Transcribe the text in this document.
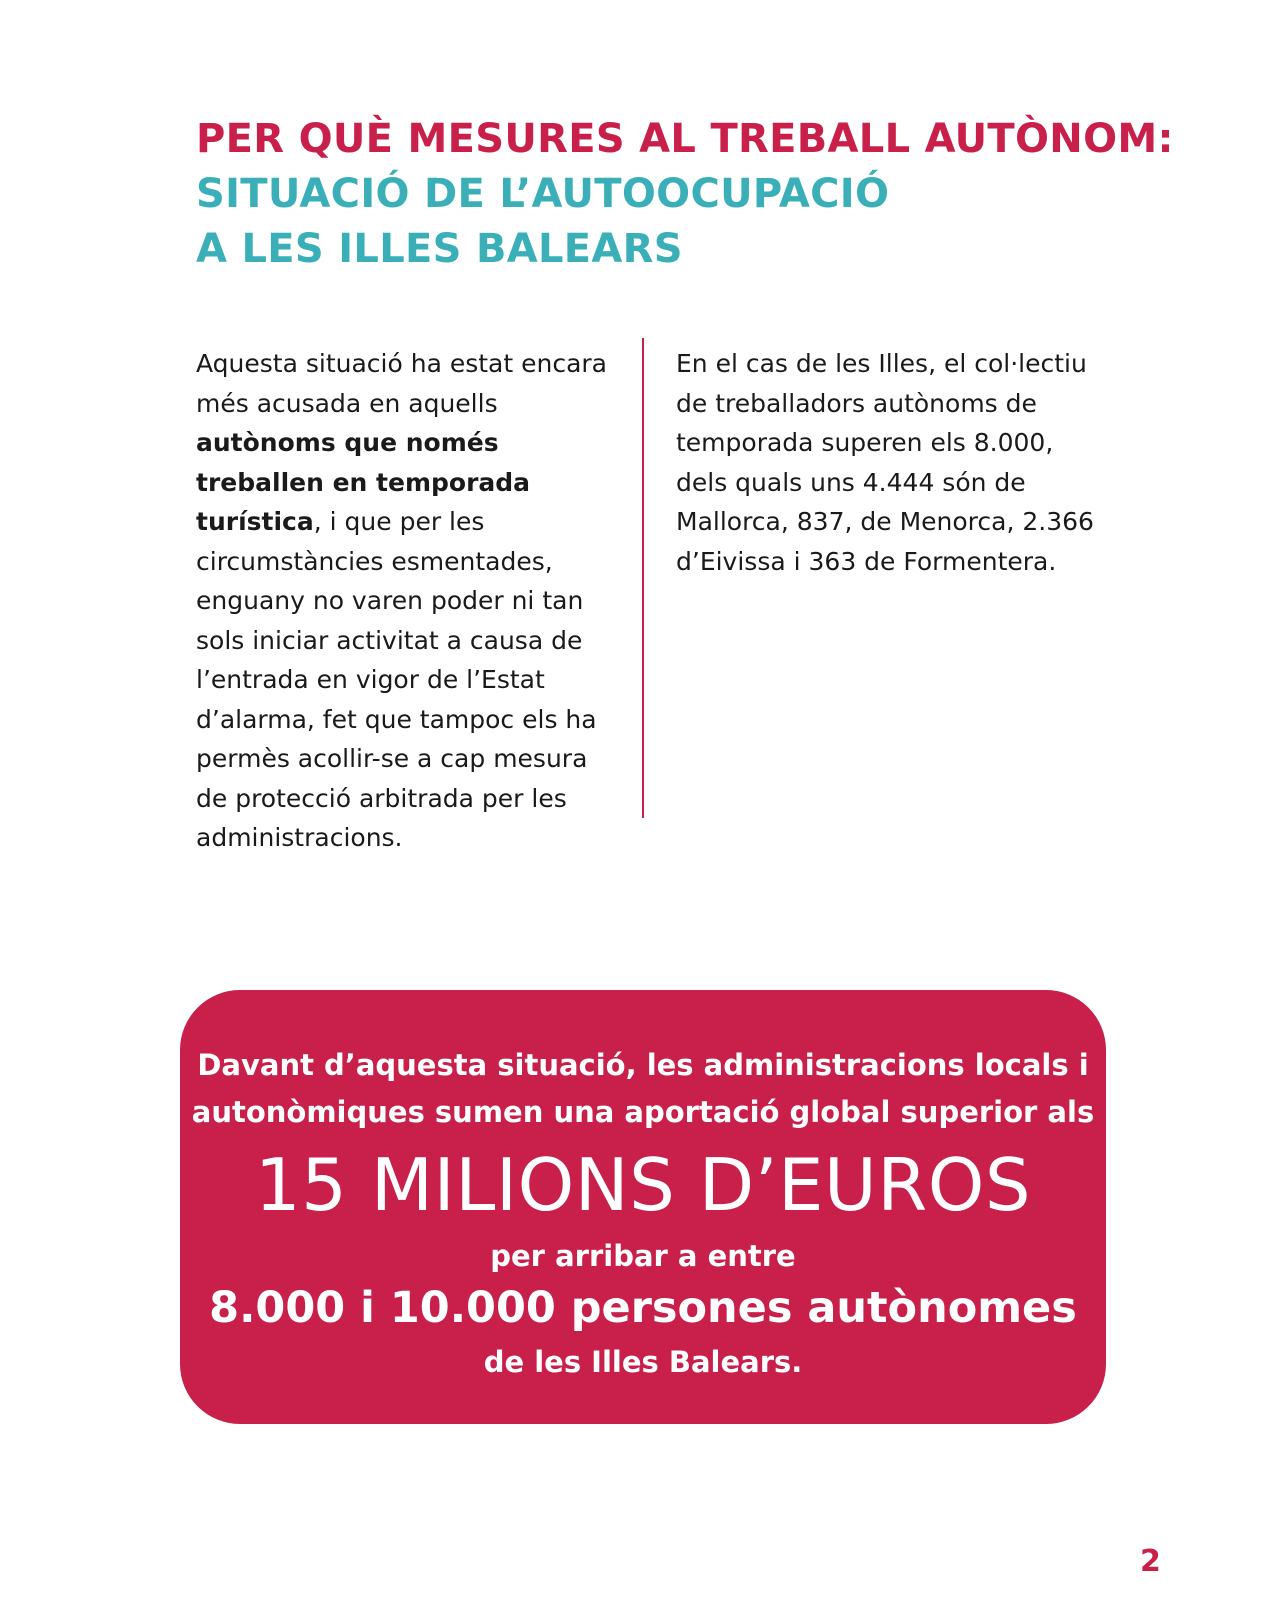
PER QUÈ MESURES AL TREBALL AUTÒNOM:
SITUACIÓ DE L’AUTOOCUPACIÓ
A LES ILLES BALEARS
Aquesta situació ha estat encara més acusada en aquells autònoms que només treballen en temporada turística, i que per les circumstàncies esmentades, enguany no varen poder ni tan sols iniciar activitat a causa de l’entrada en vigor de l’Estat d’alarma, fet que tampoc els ha permès acollir-se a cap mesura de protecció arbitrada per les administracions.
En el cas de les Illes, el col·lectiu de treballadors autònoms de temporada superen els 8.000, dels quals uns 4.444 són de Mallorca, 837, de Menorca, 2.366 d’Eivissa i 363 de Formentera.
Davant d’aquesta situació, les administracions locals i
autonòmiques sumen una aportació global superior als
15 MILIONS D’EUROS
per arribar a entre
8.000 i 10.000 persones autònomes
de les Illes Balears.
2
